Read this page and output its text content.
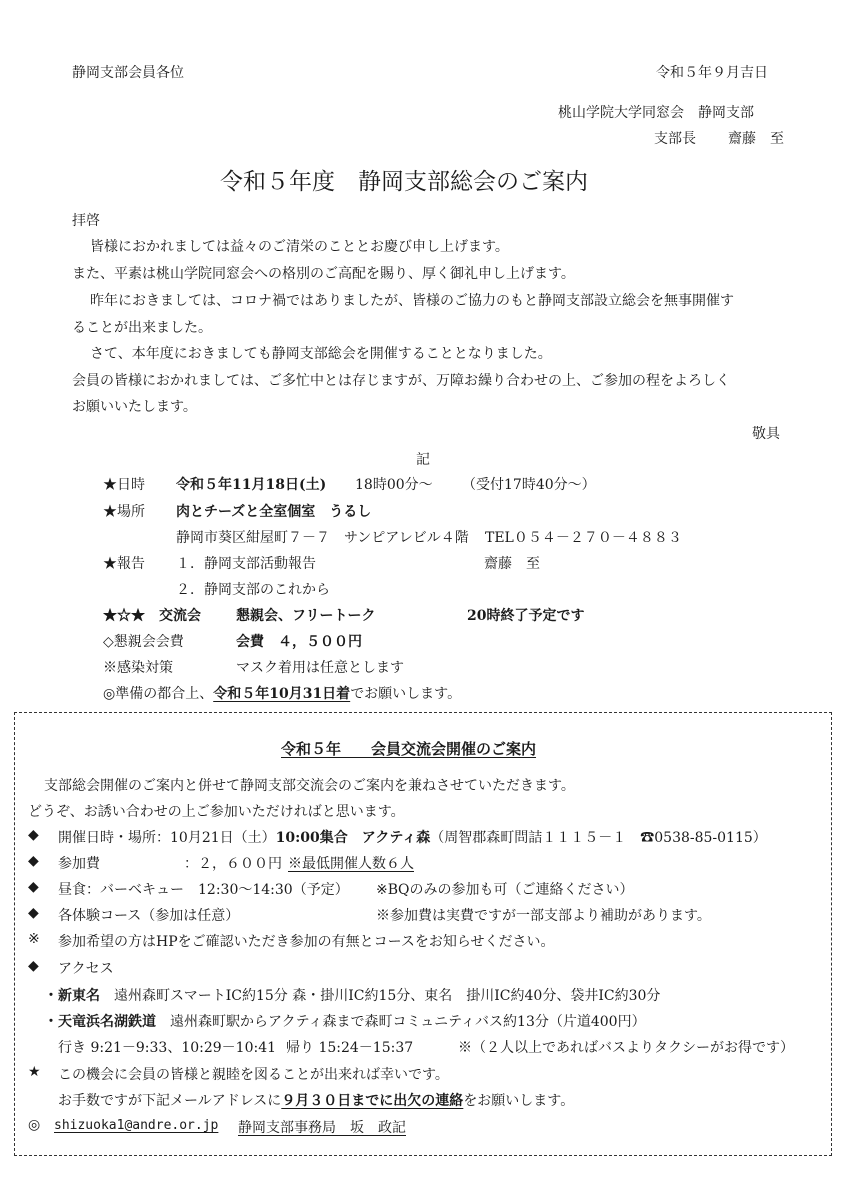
静岡支部会員各位	令和５年９月吉日
桃山学院大学同窓会　静岡支部
支部長 齋藤　至
令和５年度　静岡支部総会のご案内
拝啓
皆様におかれましては益々のご清栄のこととお慶び申し上げます。
また、平素は桃山学院同窓会への格別のご高配を賜り、厚く御礼申し上げます。
昨年におきましては、コロナ禍ではありましたが、皆様のご協力のもと静岡支部設立総会を無事開催す
ることが出来ました。
さて、本年度におきましても静岡支部総会を開催することとなりました。
会員の皆様におかれましては、ご多忙中とは存じますが、万障お繰り合わせの上、ご参加の程をよろしく
お願いいたします。
敬具
記
★日時 令和５年11月18日(土) 18時00分〜 （受付17時40分〜）
★場所 肉とチーズと全室個室　うるし
静岡市葵区紺屋町７－７　サンピアレビル４階 TEL０５４－２７０－４８８３
★報告 １．静岡支部活動報告	齋藤　至
２．静岡支部のこれから
★☆★　交流会	懇親会、フリートーク	20時終了予定です
◇懇親会会費	会費　４，５００円
※感染対策	マスク着用は任意とします
◎準備の都合上、令和５年10月31日着でお願いします。
令和５年　　会員交流会開催のご案内
支部総会開催のご案内と併せて静岡支部交流会のご案内を兼ねさせていただきます。
どうぞ、お誘い合わせの上ご参加いただければと思います。
◆ 開催日時・場所：10月21日（土）10:00集合　 アクティ森（周智郡森町問詰１１１５－１　 ☎0538-85-0115）
◆ 参加費	：２，６００円 ※最低開催人数６人
◆ 昼食：バーベキュー　12:30〜14:30（予定） ※BQのみの参加も可（ご連絡ください）
◆ 各体験コース（参加は任意）	※参加費は実費ですが一部支部より補助があります。
※ 参加希望の方はHPをご確認いただき参加の有無とコースをお知らせください。
◆ アクセス
・新東名　 遠州森町スマートIC約15分 森・掛川IC約15分、東名　掛川IC約40分、袋井IC約30分
・天竜浜名湖鉄道　 遠州森町駅からアクティ森まで森町コミュニティバス約13分（片道400円）
行き 9:21－9:33、10:29－10:41 帰り 15:24－15:37	※（２人以上であればバスよりタクシーがお得です）
★ この機会に会員の皆様と親睦を図ることが出来れば幸いです。
お手数ですが下記メールアドレスに９月３０日までに出欠の連絡をお願いします。
◎ shizuoka1@andre.or.jp 静岡支部事務局　坂　政記
